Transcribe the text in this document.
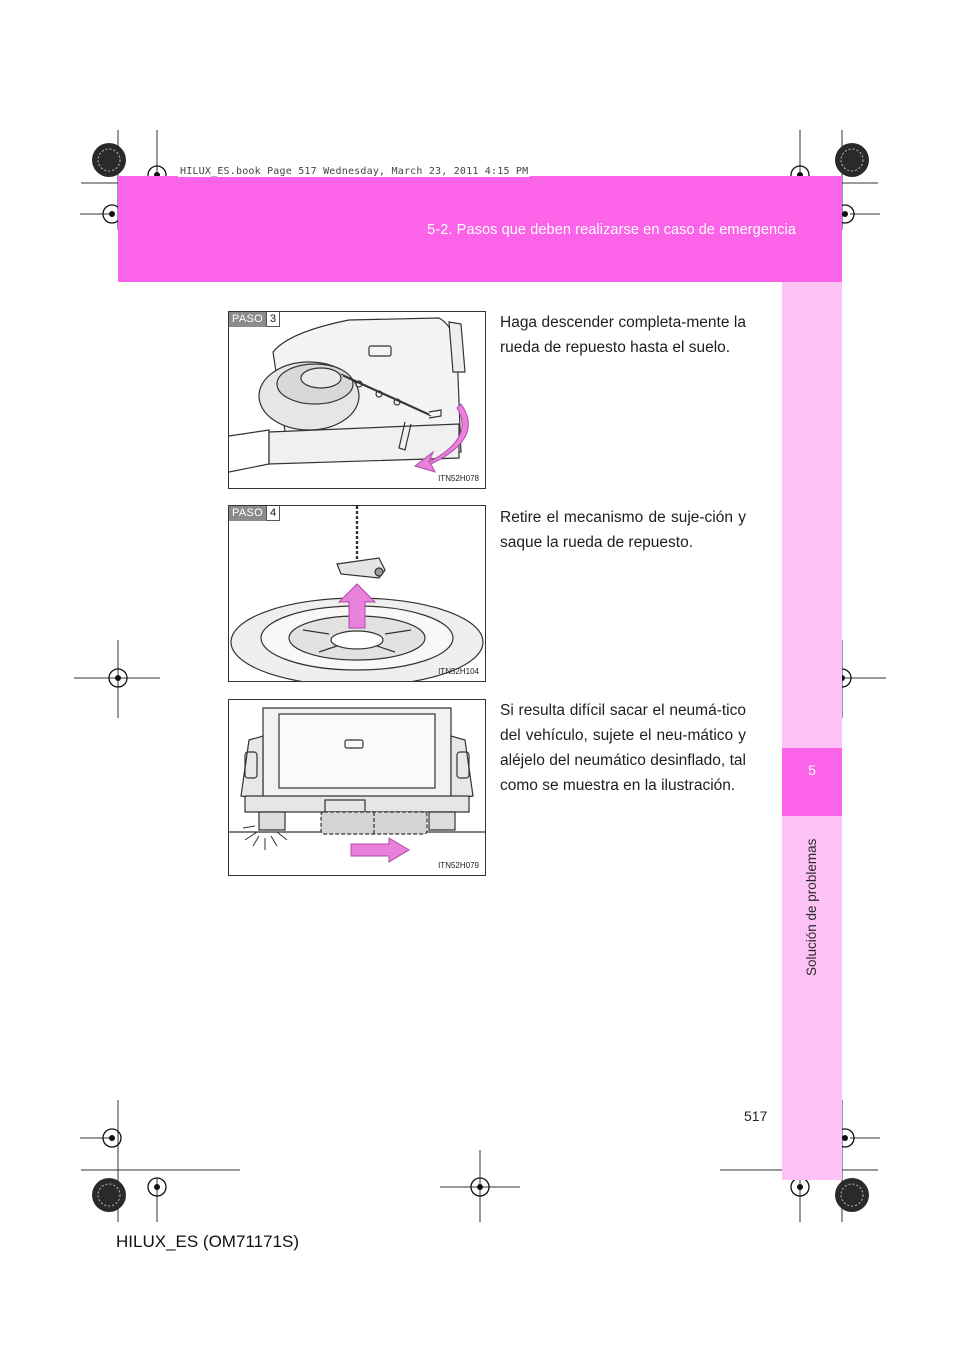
5-2. Pasos que deben realizarse en caso de emergencia
HILUX_ES.book Page 517 Wednesday, March 23, 2011 4:15 PM
5
Solución de problemas
PASO 3
ITN52H078
Haga descender completa-mente la rueda de repuesto hasta el suelo.
PASO 4
ITN52H104
Retire el mecanismo de suje-ción y saque la rueda de repuesto.
ITN52H079
Si resulta difícil sacar el neumá-tico del vehículo, sujete el neu-mático y aléjelo del neumático desinflado, tal como se muestra en la ilustración.
517
HILUX_ES (OM71171S)
